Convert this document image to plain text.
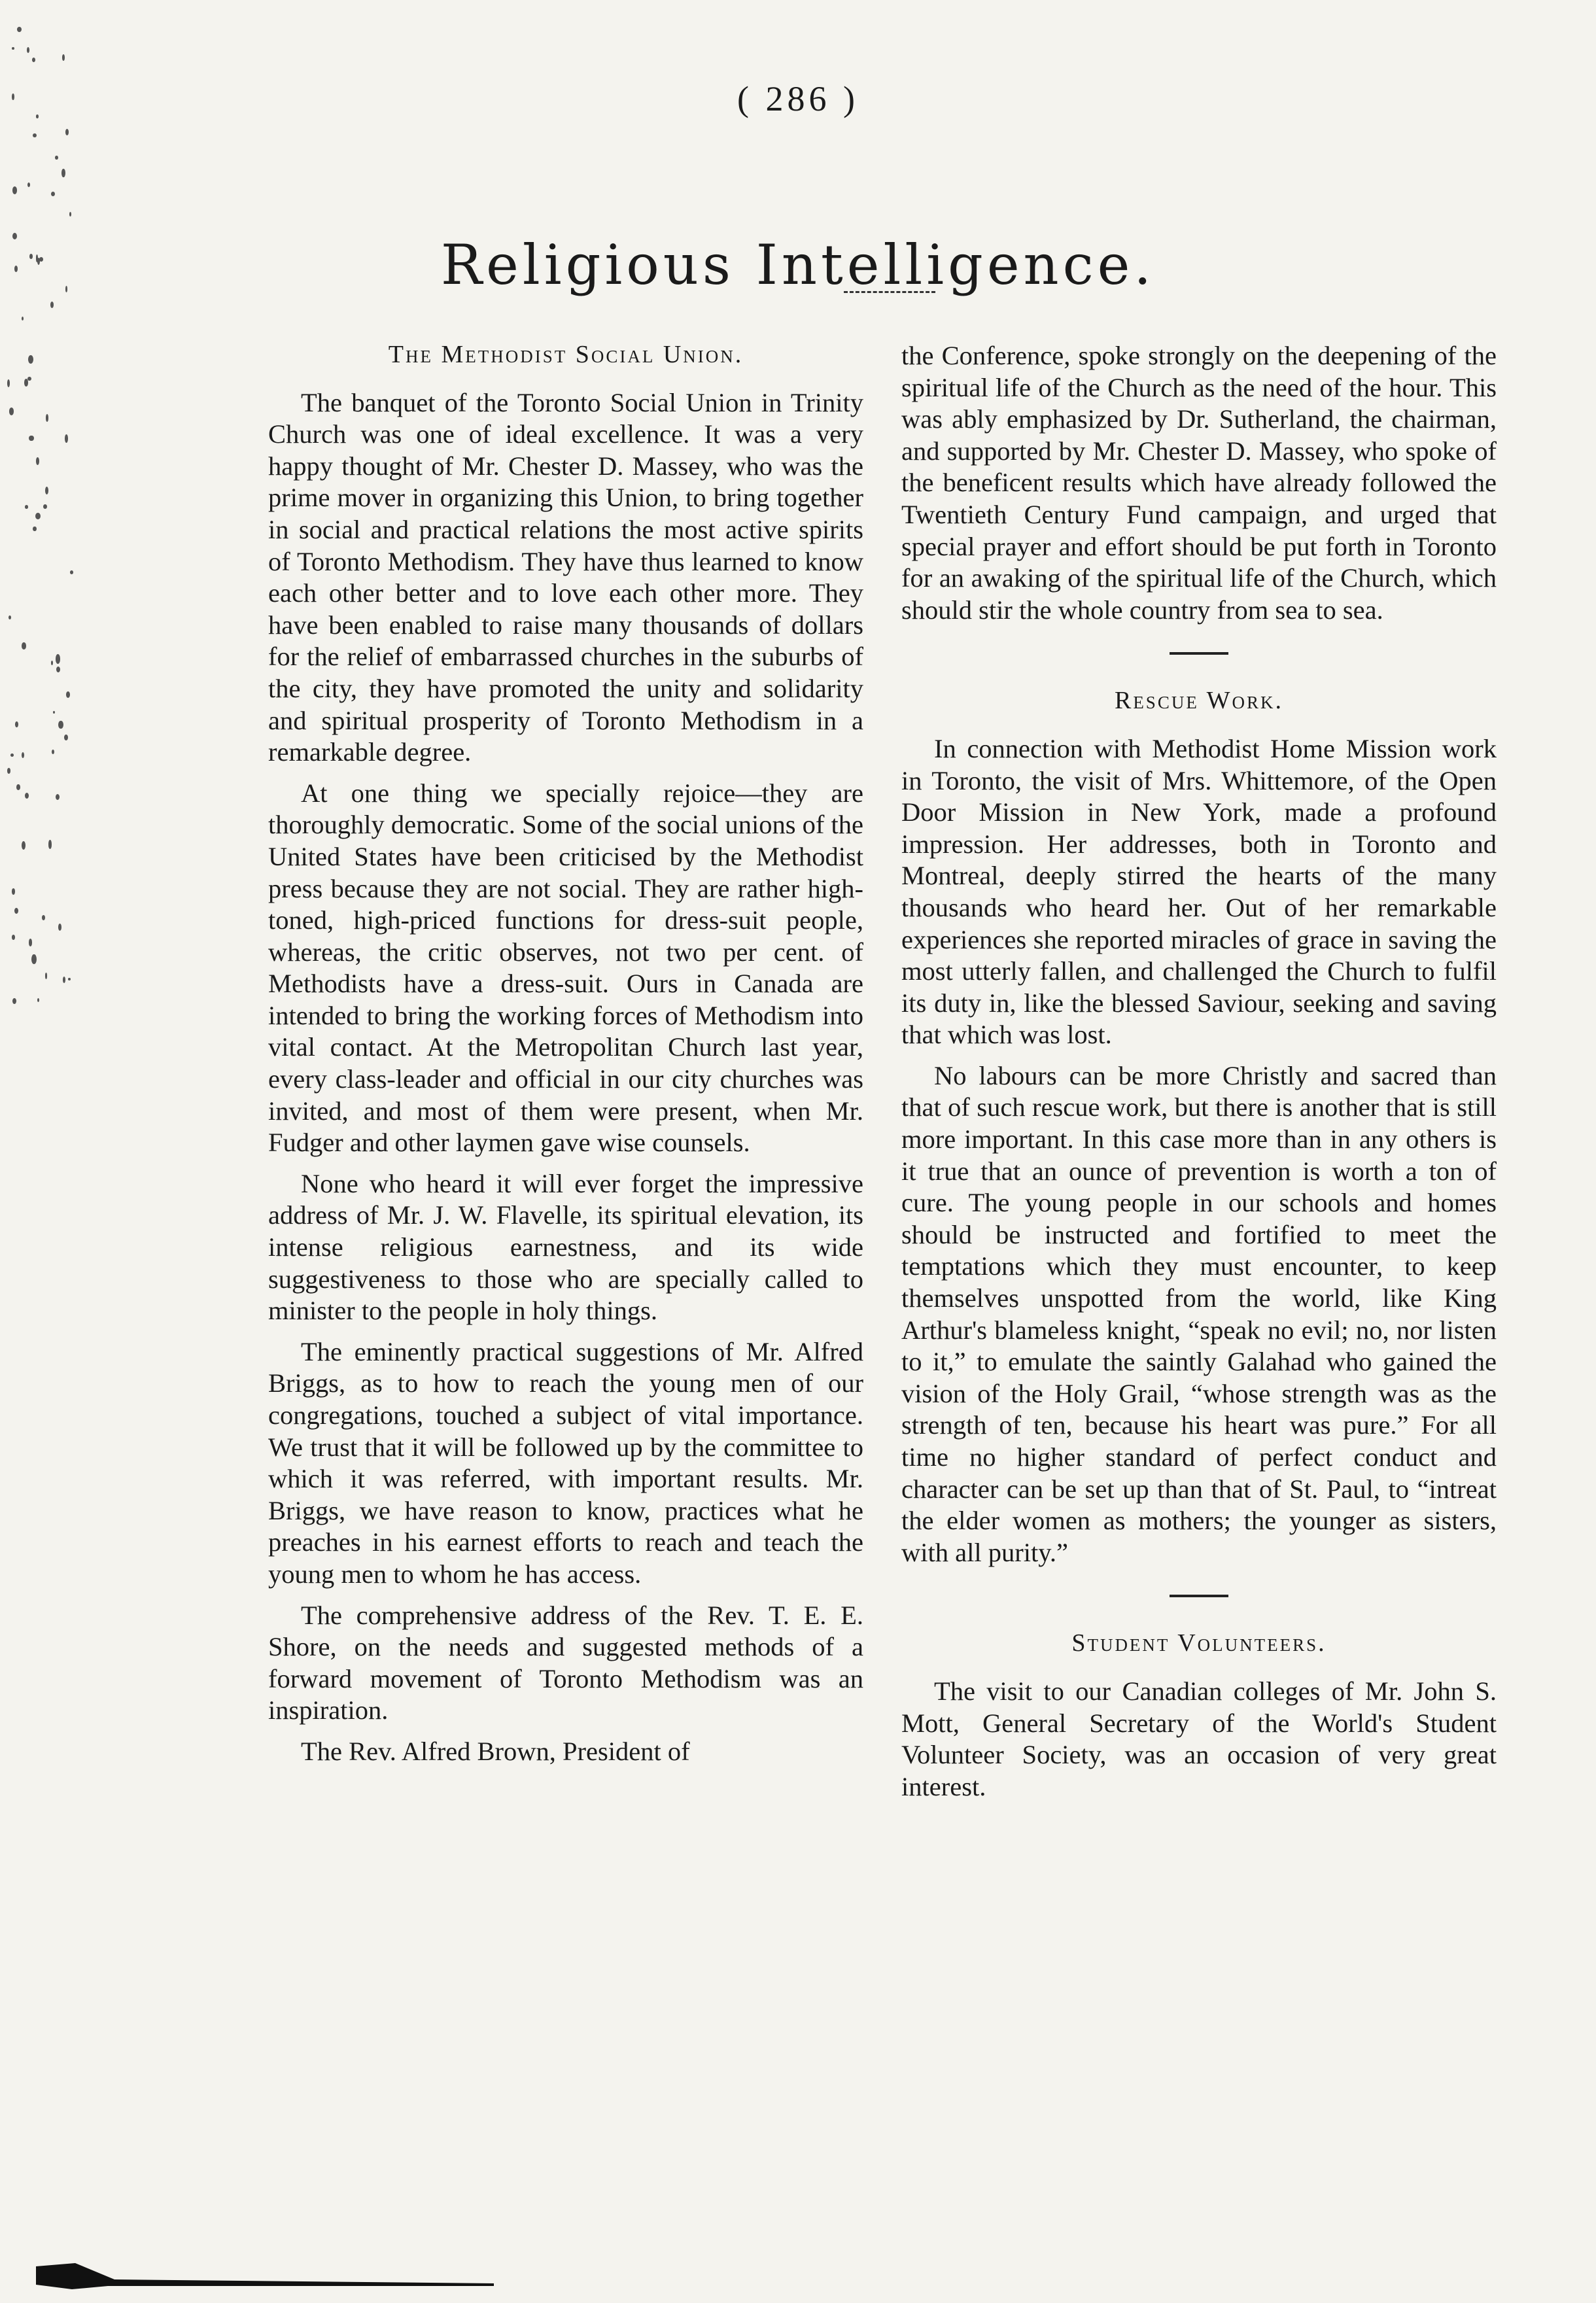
( 286 )
Religious Intelligence.
The Methodist Social Union.

The banquet of the Toronto Social Union in Trinity Church was one of ideal excellence. It was a very happy thought of Mr. Chester D. Massey, who was the prime mover in organizing this Union, to bring together in social and practical relations the most active spirits of Toronto Methodism. They have thus learned to know each other better and to love each other more. They have been enabled to raise many thousands of dollars for the relief of embarrassed churches in the suburbs of the city, they have promoted the unity and solidarity and spiritual prosperity of Toronto Methodism in a remarkable degree.

At one thing we specially rejoice—they are thoroughly democratic. Some of the social unions of the United States have been criticised by the Methodist press because they are not social. They are rather high-toned, high-priced functions for dress-suit people, whereas, the critic observes, not two per cent. of Methodists have a dress-suit. Ours in Canada are intended to bring the working forces of Methodism into vital contact. At the Metropolitan Church last year, every class-leader and official in our city churches was invited, and most of them were present, when Mr. Fudger and other laymen gave wise counsels.

None who heard it will ever forget the impressive address of Mr. J. W. Flavelle, its spiritual elevation, its intense religious earnestness, and its wide suggestiveness to those who are specially called to minister to the people in holy things.

The eminently practical suggestions of Mr. Alfred Briggs, as to how to reach the young men of our congregations, touched a subject of vital importance. We trust that it will be followed up by the committee to which it was referred, with important results. Mr. Briggs, we have reason to know, practices what he preaches in his earnest efforts to reach and teach the young men to whom he has access.

The comprehensive address of the Rev. T. E. E. Shore, on the needs and suggested methods of a forward movement of Toronto Methodism was an inspiration.

The Rev. Alfred Brown, President of

the Conference, spoke strongly on the deepening of the spiritual life of the Church as the need of the hour. This was ably emphasized by Dr. Sutherland, the chairman, and supported by Mr. Chester D. Massey, who spoke of the beneficent results which have already followed the Twentieth Century Fund campaign, and urged that special prayer and effort should be put forth in Toronto for an awaking of the spiritual life of the Church, which should stir the whole country from sea to sea.

Rescue Work.

In connection with Methodist Home Mission work in Toronto, the visit of Mrs. Whittemore, of the Open Door Mission in New York, made a profound impression. Her addresses, both in Toronto and Montreal, deeply stirred the hearts of the many thousands who heard her. Out of her remarkable experiences she reported miracles of grace in saving the most utterly fallen, and challenged the Church to fulfil its duty in, like the blessed Saviour, seeking and saving that which was lost.

No labours can be more Christly and sacred than that of such rescue work, but there is another that is still more important. In this case more than in any others is it true that an ounce of prevention is worth a ton of cure. The young people in our schools and homes should be instructed and fortified to meet the temptations which they must encounter, to keep themselves unspotted from the world, like King Arthur's blameless knight, “speak no evil; no, nor listen to it,” to emulate the saintly Galahad who gained the vision of the Holy Grail, “whose strength was as the strength of ten, because his heart was pure.” For all time no higher standard of perfect conduct and character can be set up than that of St. Paul, to “intreat the elder women as mothers; the younger as sisters, with all purity.”

Student Volunteers.

The visit to our Canadian colleges of Mr. John S. Mott, General Secretary of the World's Student Volunteer Society, was an occasion of very great interest.
